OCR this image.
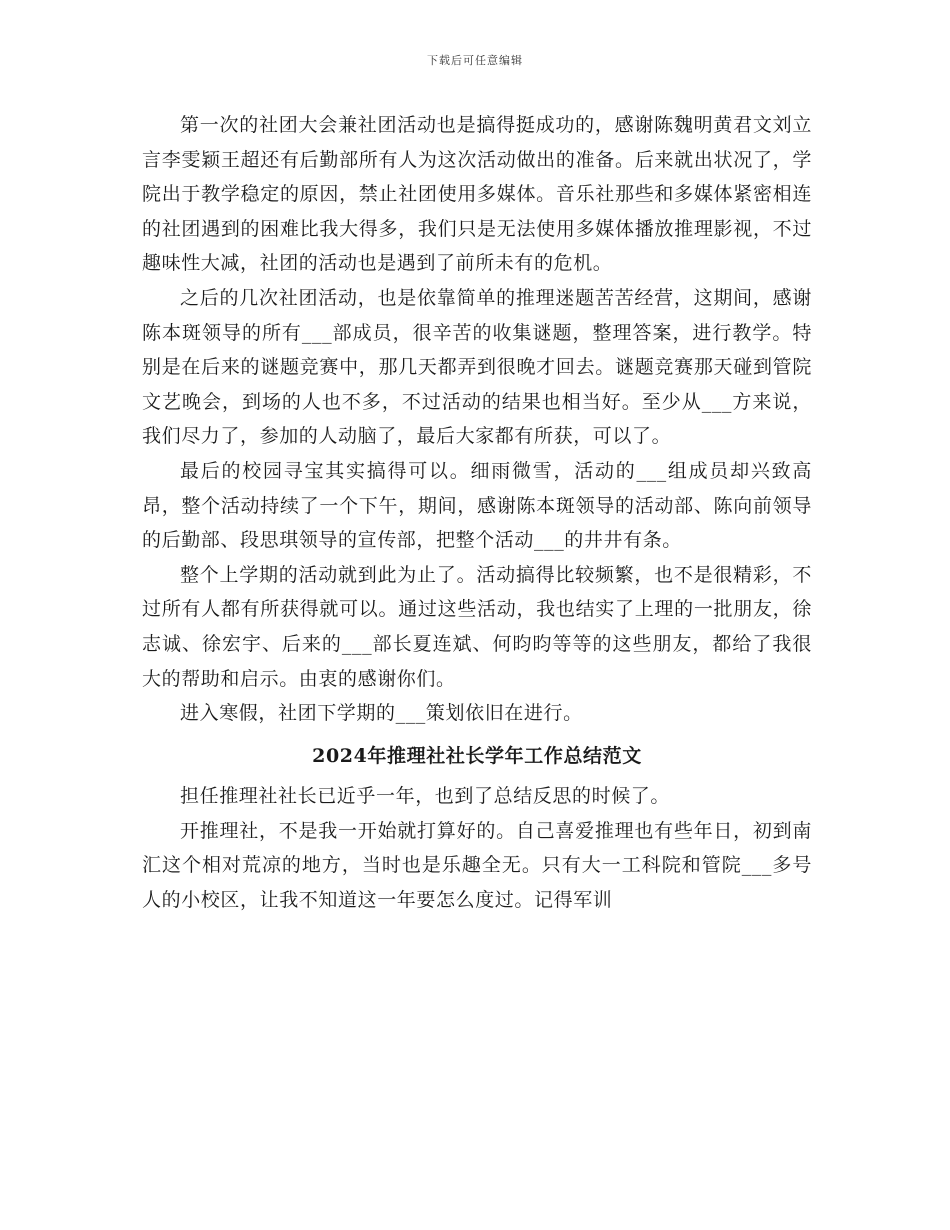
下载后可任意编辑

第一次的社团大会兼社团活动也是搞得挺成功的，感谢陈魏明黄君文刘立言李雯颖王超还有后勤部所有人为这次活动做出的准备。后来就出状况了，学院出于教学稳定的原因，禁止社团使用多媒体。音乐社那些和多媒体紧密相连的社团遇到的困难比我大得多，我们只是无法使用多媒体播放推理影视，不过趣味性大减，社团的活动也是遇到了前所未有的危机。

之后的几次社团活动，也是依靠简单的推理迷题苦苦经营，这期间，感谢陈本斑领导的所有___部成员，很辛苦的收集谜题，整理答案，进行教学。特别是在后来的谜题竞赛中，那几天都弄到很晚才回去。谜题竞赛那天碰到管院文艺晚会，到场的人也不多，不过活动的结果也相当好。至少从___方来说，我们尽力了，参加的人动脑了，最后大家都有所获，可以了。

最后的校园寻宝其实搞得可以。细雨微雪，活动的___组成员却兴致高昂，整个活动持续了一个下午，期间，感谢陈本斑领导的活动部、陈向前领导的后勤部、段思琪领导的宣传部，把整个活动___的井井有条。

整个上学期的活动就到此为止了。活动搞得比较频繁，也不是很精彩，不过所有人都有所获得就可以。通过这些活动，我也结实了上理的一批朋友，徐志诚、徐宏宇、后来的___部长夏连斌、何昀昀等等的这些朋友，都给了我很大的帮助和启示。由衷的感谢你们。

进入寒假，社团下学期的___策划依旧在进行。

2024年推理社社长学年工作总结范文

担任推理社社长已近乎一年，也到了总结反思的时候了。

开推理社，不是我一开始就打算好的。自己喜爱推理也有些年日，初到南汇这个相对荒凉的地方，当时也是乐趣全无。只有大一工科院和管院___多号人的小校区，让我不知道这一年要怎么度过。记得军训
